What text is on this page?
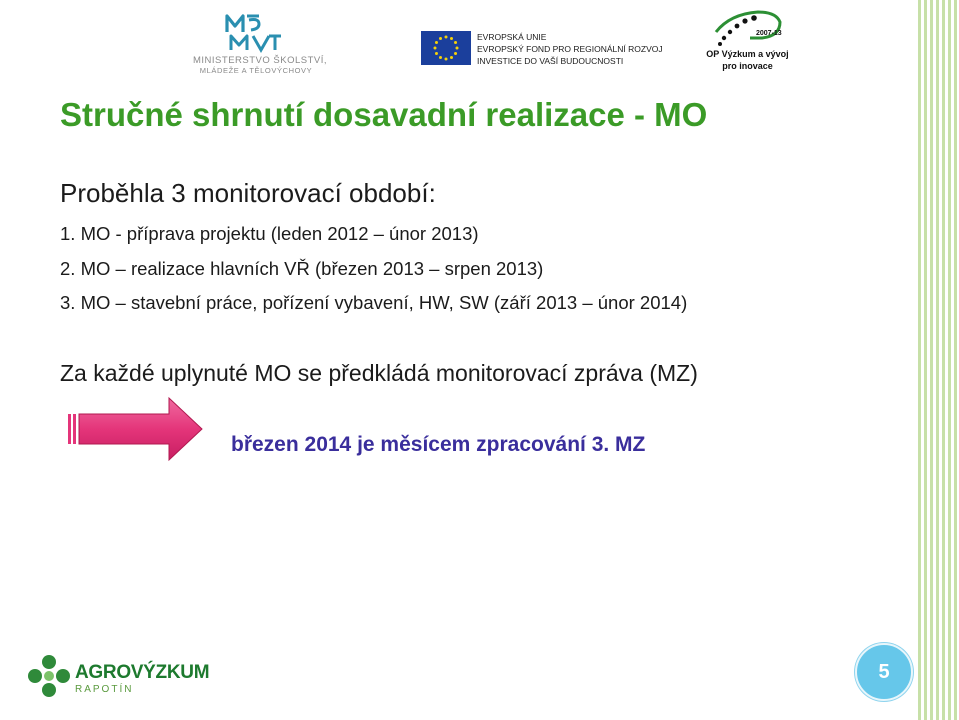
MINISTERSTVO ŠKOLSTVÍ,
MLÁDEŽE A TĚLOVÝCHOVY
EVROPSKÁ UNIE
EVROPSKÝ FOND PRO REGIONÁLNÍ ROZVOJ
INVESTICE DO VAŠÍ BUDOUCNOSTI
2007-13
OP Výzkum a vývoj
pro inovace
Stručné shrnutí dosavadní realizace - MO
Proběhla 3 monitorovací období:
1. MO - příprava projektu (leden 2012 – únor 2013)
2. MO – realizace hlavních VŘ (březen 2013 – srpen 2013)
3. MO – stavební práce, pořízení vybavení, HW, SW (září 2013 – únor 2014)
Za každé uplynuté MO se předkládá monitorovací zpráva (MZ)
březen 2014 je měsícem zpracování 3. MZ
AGROVÝZKUM
RAPOTÍN
5
